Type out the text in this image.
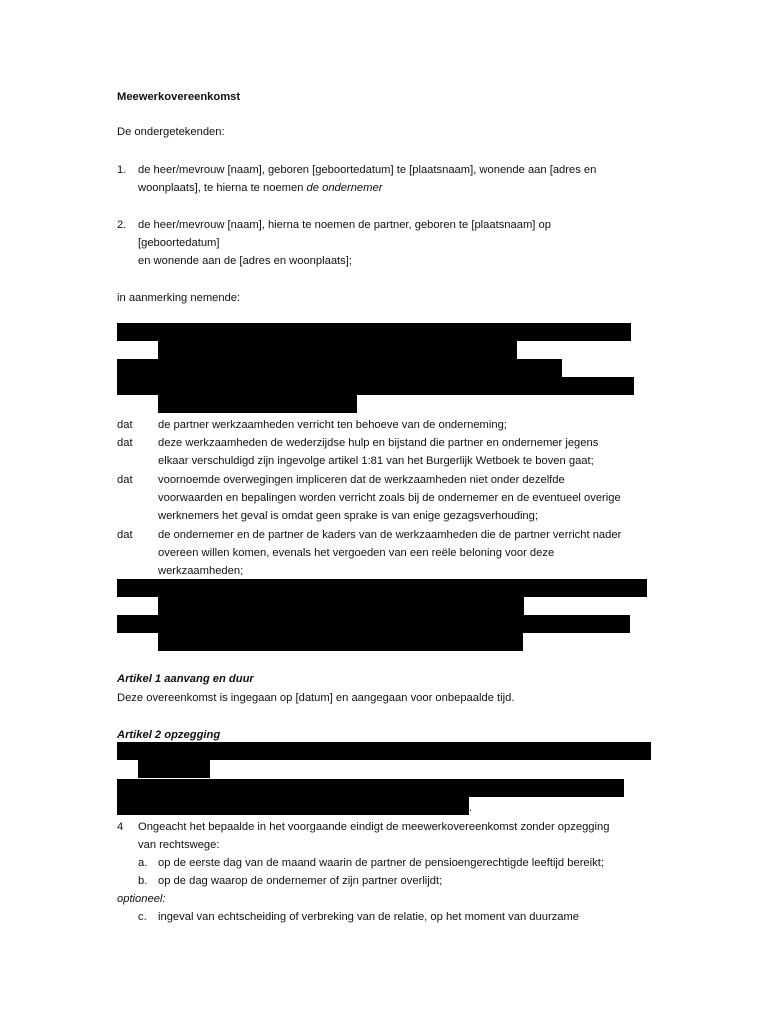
Meewerkovereenkomst
De ondergetekenden:
1. de heer/mevrouw [naam], geboren [geboortedatum] te [plaatsnaam], wonende aan [adres en
woonplaats], te hierna te noemen de ondernemer
2. de heer/mevrouw [naam], hierna te noemen de partner, geboren te [plaatsnaam] op
[geboortedatum]
en wonende aan de [adres en woonplaats];
in aanmerking nemende:
dat de partner werkzaamheden verricht ten behoeve van de onderneming;
dat deze werkzaamheden de wederzijdse hulp en bijstand die partner en ondernemer jegens
elkaar verschuldigd zijn ingevolge artikel 1:81 van het Burgerlijk Wetboek te boven gaat;
dat voornoemde overwegingen impliceren dat de werkzaamheden niet onder dezelfde
voorwaarden en bepalingen worden verricht zoals bij de ondernemer en de eventueel overige
werknemers het geval is omdat geen sprake is van enige gezagsverhouding;
dat de ondernemer en de partner de kaders van de werkzaamheden die de partner verricht nader
overeen willen komen, evenals het vergoeden van een reële beloning voor deze
werkzaamheden;
Artikel 1 aanvang en duur
Deze overeenkomst is ingegaan op [datum] en aangegaan voor onbepaalde tijd.
Artikel 2 opzegging
.
4 Ongeacht het bepaalde in het voorgaande eindigt de meewerkovereenkomst zonder opzegging
van rechtswege:
a. op de eerste dag van de maand waarin de partner de pensioengerechtigde leeftijd bereikt;
b. op de dag waarop de ondernemer of zijn partner overlijdt;
optioneel:
c. ingeval van echtscheiding of verbreking van de relatie, op het moment van duurzame
